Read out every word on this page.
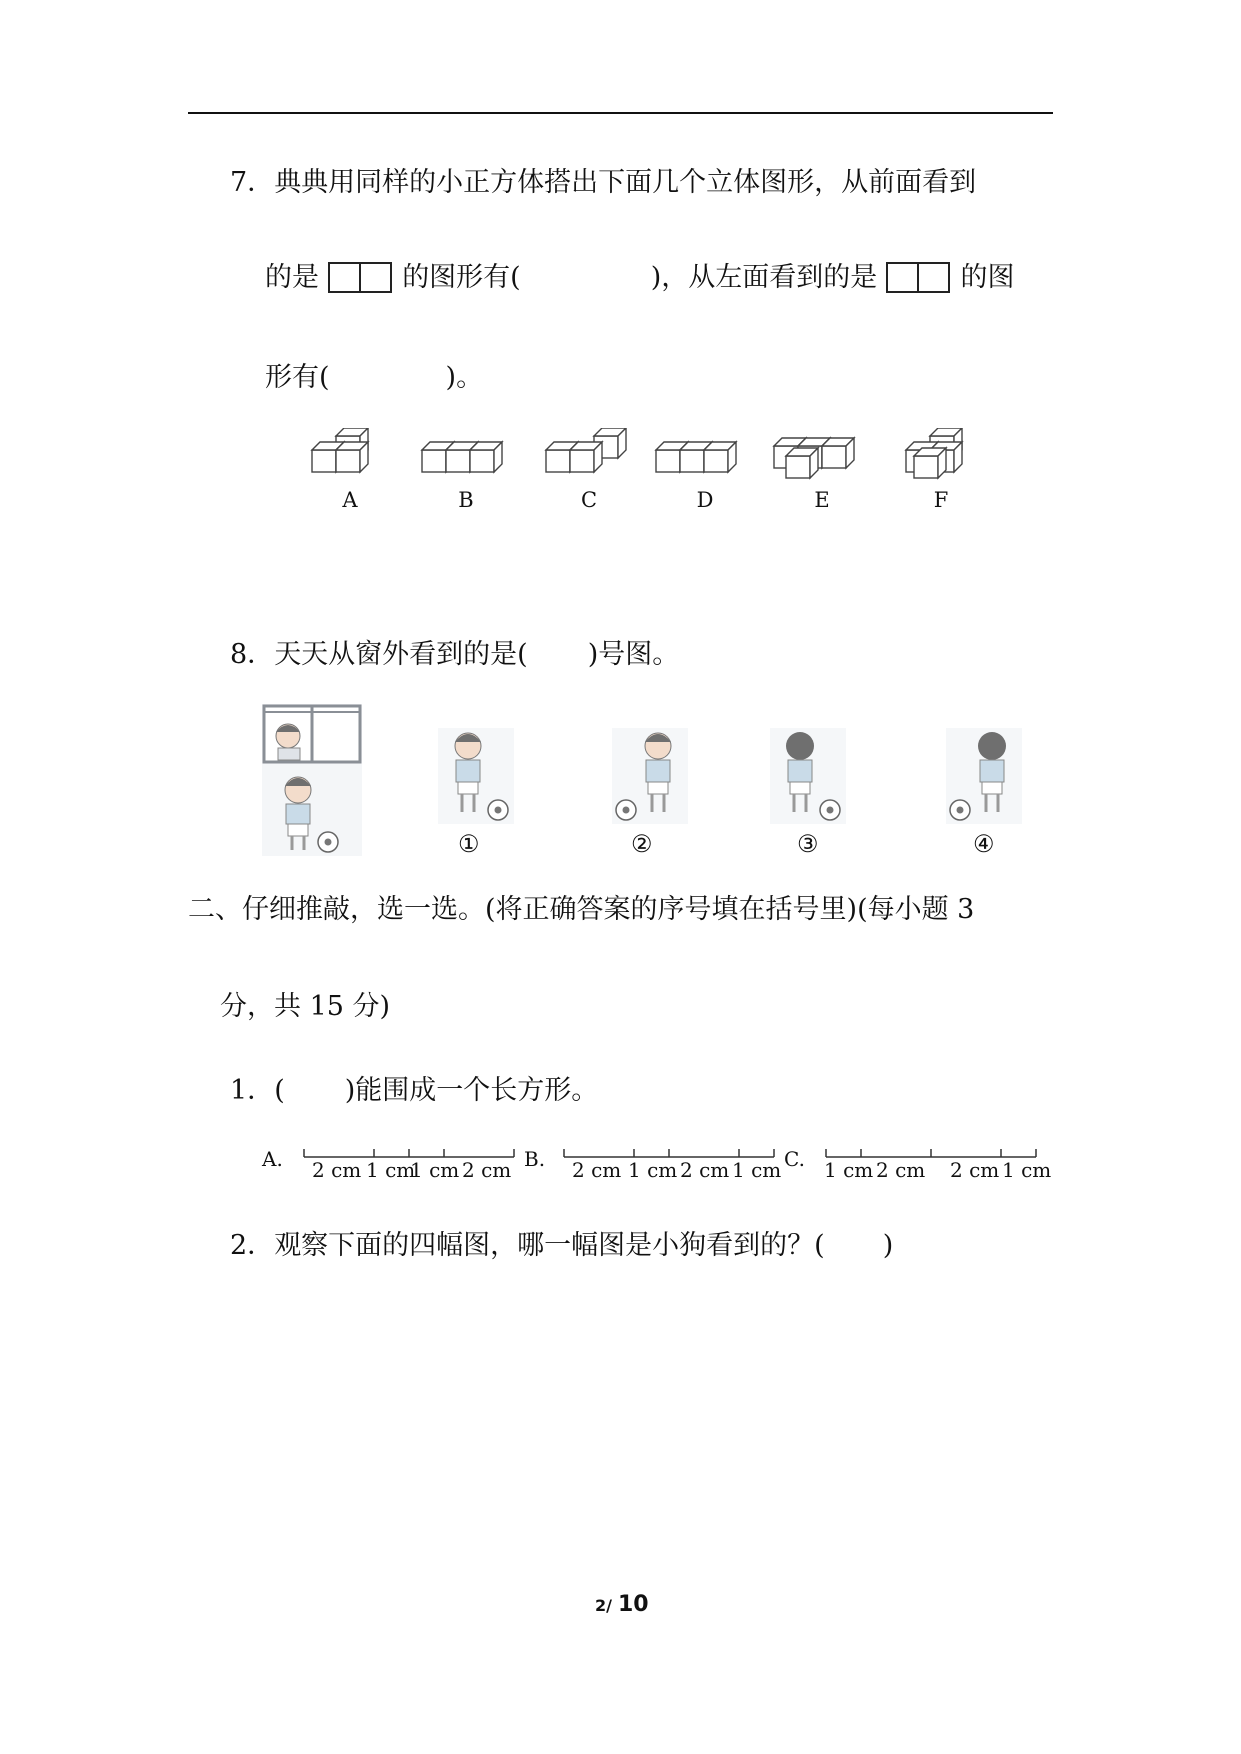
7．典典用同样的小正方体搭出下面几个立体图形，从前面看到
的是	的图形有(	)，从左面看到的是	的图
形有(	)。
A	B	C	D	E	F
8．天天从窗外看到的是( )号图。
①	②	③	④
二、仔细推敲，选一选。(将正确答案的序号填在括号里)(每小题 3
分，共 15 分)
1．( )能围成一个长方形。
A.	B.	C.
2 cm 1 cm
1 cm 2 cm	2 cm 1 cm 2 cm 1 cm 1 cm 2 cm 2 cm 1 cm
2．观察下面的四幅图，哪一幅图是小狗看到的？( )
2/ 10
